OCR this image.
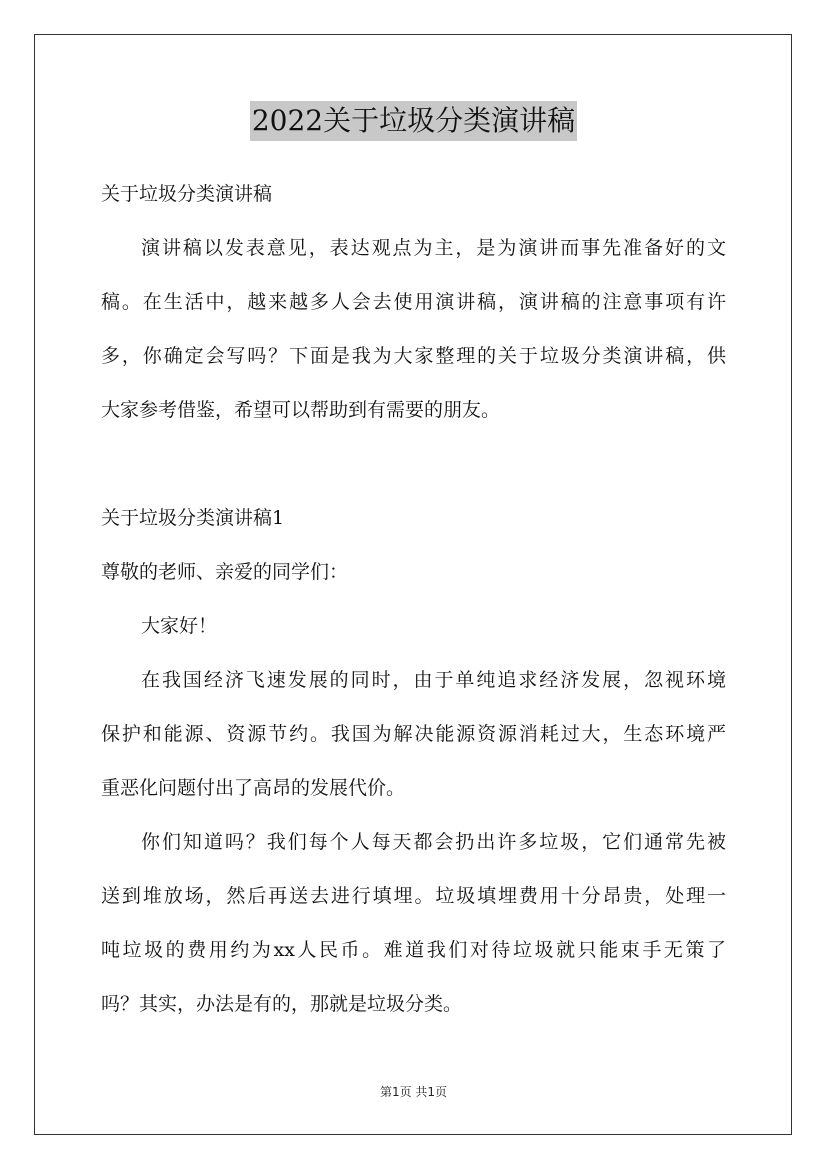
2022关于垃圾分类演讲稿
关于垃圾分类演讲稿
演讲稿以发表意见，表达观点为主，是为演讲而事先准备好的文
稿。在生活中，越来越多人会去使用演讲稿，演讲稿的注意事项有许
多，你确定会写吗？下面是我为大家整理的关于垃圾分类演讲稿，供
大家参考借鉴，希望可以帮助到有需要的朋友。
关于垃圾分类演讲稿1
尊敬的老师、亲爱的同学们：
大家好！
在我国经济飞速发展的同时，由于单纯追求经济发展，忽视环境
保护和能源、资源节约。我国为解决能源资源消耗过大，生态环境严
重恶化问题付出了高昂的发展代价。
你们知道吗？我们每个人每天都会扔出许多垃圾，它们通常先被
送到堆放场，然后再送去进行填埋。垃圾填埋费用十分昂贵，处理一
吨垃圾的费用约为xx人民币。难道我们对待垃圾就只能束手无策了
吗？其实，办法是有的，那就是垃圾分类。
第1页 共1页
